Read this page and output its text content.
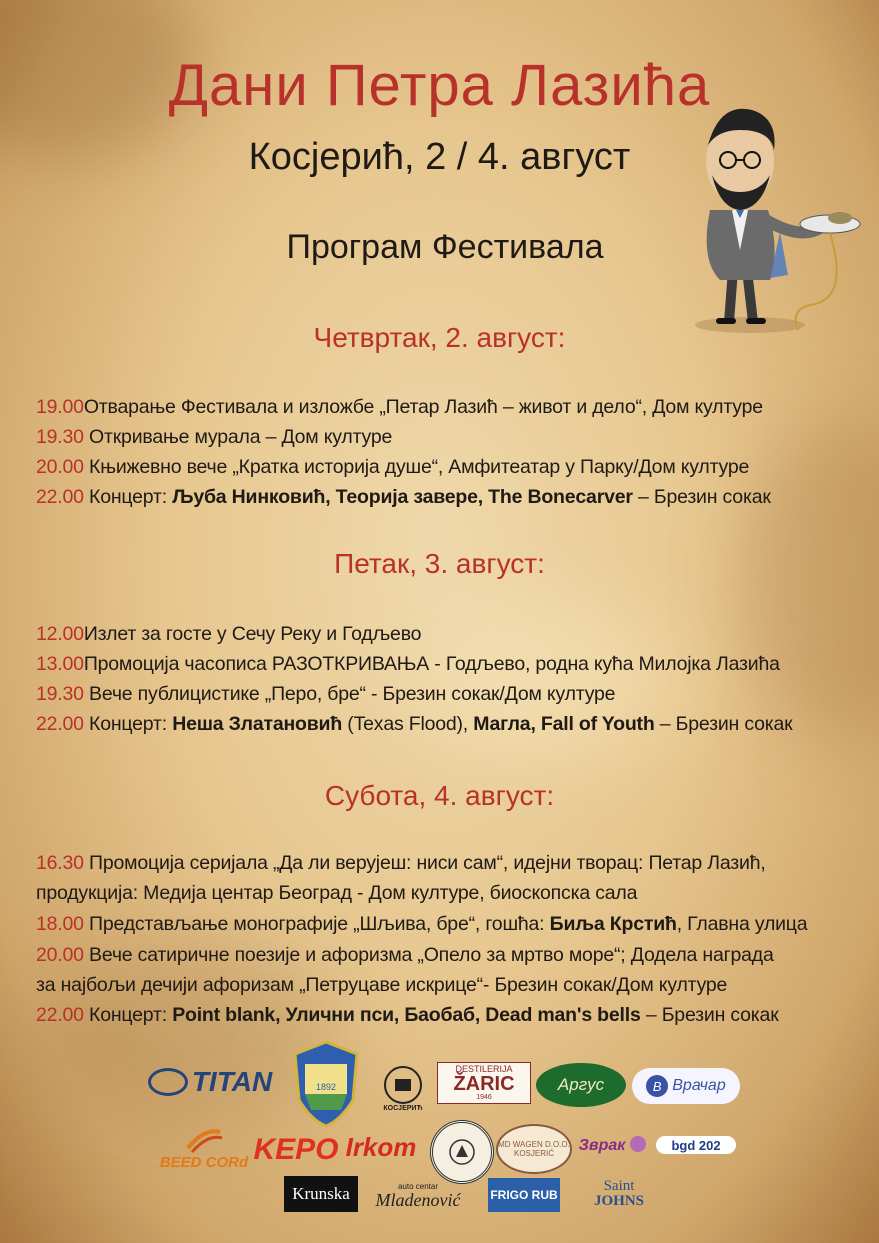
Дани Петра Лазића
Косјерић, 2 / 4. август
Програм Фестивала
Четвртак, 2. август:
19.00Отварање Фестивала и изложбе „Петар Лазић – живот и дело“, Дом културе
19.30 Откривање мурала – Дом културе
20.00 Књижевно вече „Кратка историја душе“, Амфитеатар у Парку/Дом културе
22.00 Концерт: Љуба Нинковић, Теорија завере, The Bonecarver – Брезин сокак
Петак, 3. август:
12.00Излет за госте у Сечу Реку и Годљево
13.00Промоција часописа РАЗОТКРИВАЊА - Годљево, родна кућа Милојка Лазића
19.30 Вече публицистике „Перо, бре“ - Брезин сокак/Дом културе
22.00 Концерт: Неша Златановић (Texas Flood), Магла, Fall of Youth – Брезин сокак
Субота, 4. август:
16.30 Промоција серијала „Да ли верујеш: ниси сам“, идејни творац: Петар Лазић,
продукција: Медија центар Београд - Дом културе, биоскопска сала
18.00 Представљање монографије „Шљива, бре“, гошћа: Биља Крстић, Главна улица
20.00 Вече сатиричне поезије и афоризма „Опело за мртво море“; Додела награда
за најбољи дечији афоризам „Петруцаве искрице“- Брезин сокак/Дом културе
22.00 Концерт: Point blank, Улични пси, Баобаб, Dead man's bells – Брезин сокак
TITAN	1892
КОСЈЕРИЋ
DESTILERIJA
ŽARIC
1946
Аргус	B Врачар
BEED CORd KEPO Irkom	MD WAGEN D.O.O. KOSJERIĆ	Зврак	bgd 202
Krunska	auto centar
Mladenović FRIGO RUB
Saint
JOHNS
